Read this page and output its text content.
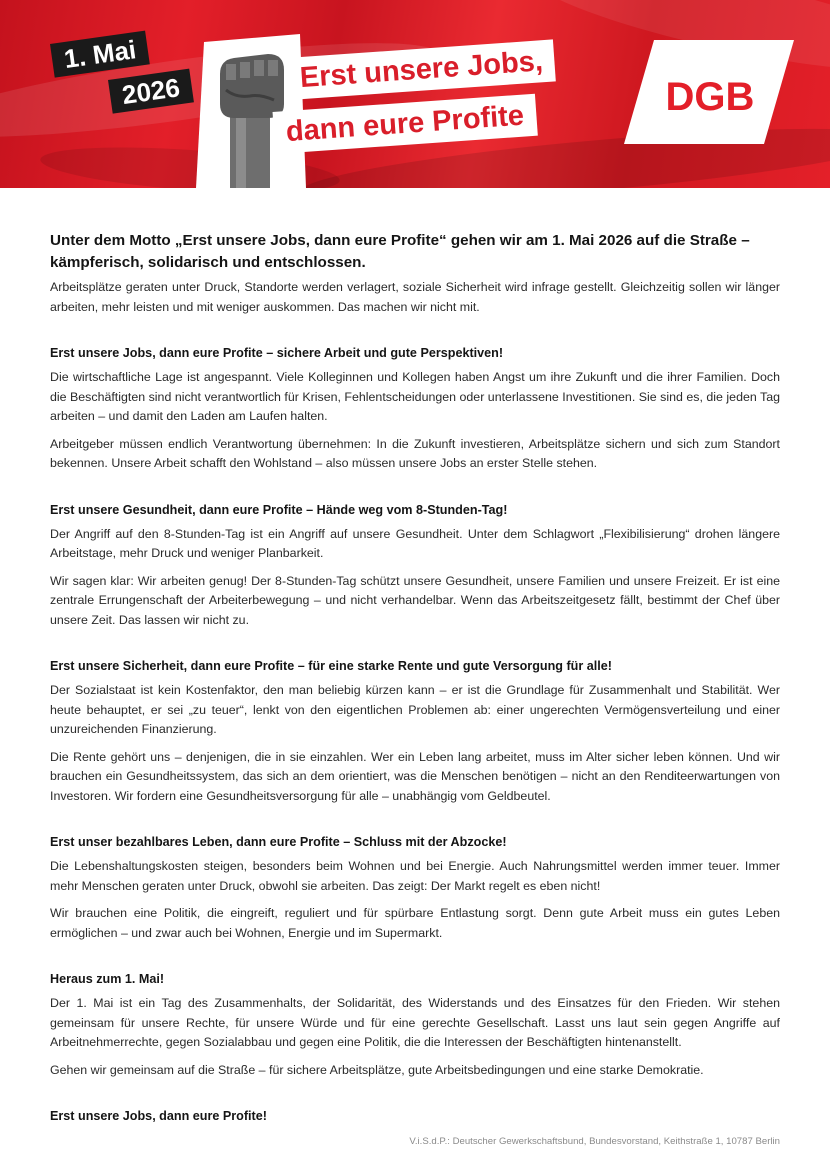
1. Mai
2026	Erst unsere Jobs,
dann eure Profite
DGB
Unter dem Motto „Erst unsere Jobs, dann eure Profite“ gehen wir am 1. Mai 2026 auf die Straße – kämpferisch, solidarisch und entschlossen.

Arbeitsplätze geraten unter Druck, Standorte werden verlagert, soziale Sicherheit wird infrage gestellt. Gleichzeitig sollen wir länger arbeiten, mehr leisten und mit weniger auskommen. Das machen wir nicht mit.

Erst unsere Jobs, dann eure Profite – sichere Arbeit und gute Perspektiven!

Die wirtschaftliche Lage ist angespannt. Viele Kolleginnen und Kollegen haben Angst um ihre Zukunft und die ihrer Familien. Doch die Beschäftigten sind nicht verantwortlich für Krisen, Fehlentscheidungen oder unterlassene Investitionen. Sie sind es, die jeden Tag arbeiten – und damit den Laden am Laufen halten.

Arbeitgeber müssen endlich Verantwortung übernehmen: In die Zukunft investieren, Arbeitsplätze sichern und sich zum Standort bekennen. Unsere Arbeit schafft den Wohlstand – also müssen unsere Jobs an erster Stelle stehen.

Erst unsere Gesundheit, dann eure Profite – Hände weg vom 8-Stunden-Tag!

Der Angriff auf den 8-Stunden-Tag ist ein Angriff auf unsere Gesundheit. Unter dem Schlagwort „Flexibilisierung“ drohen längere Arbeitstage, mehr Druck und weniger Planbarkeit.

Wir sagen klar: Wir arbeiten genug! Der 8-Stunden-Tag schützt unsere Gesundheit, unsere Familien und unsere Freizeit. Er ist eine zentrale Errungenschaft der Arbeiterbewegung – und nicht verhandelbar. Wenn das Arbeitszeitgesetz fällt, bestimmt der Chef über unsere Zeit. Das lassen wir nicht zu.

Erst unsere Sicherheit, dann eure Profite – für eine starke Rente und gute Versorgung für alle!

Der Sozialstaat ist kein Kostenfaktor, den man beliebig kürzen kann – er ist die Grundlage für Zusammenhalt und Stabilität. Wer heute behauptet, er sei „zu teuer“, lenkt von den eigentlichen Problemen ab: einer ungerechten Vermögensverteilung und einer unzureichenden Finanzierung.

Die Rente gehört uns – denjenigen, die in sie einzahlen. Wer ein Leben lang arbeitet, muss im Alter sicher leben können. Und wir brauchen ein Gesundheitssystem, das sich an dem orientiert, was die Menschen benötigen – nicht an den Renditeerwartungen von Investoren. Wir fordern eine Gesundheitsversorgung für alle – unabhängig vom Geldbeutel.

Erst unser bezahlbares Leben, dann eure Profite – Schluss mit der Abzocke!

Die Lebenshaltungskosten steigen, besonders beim Wohnen und bei Energie. Auch Nahrungsmittel werden immer teuer. Immer mehr Menschen geraten unter Druck, obwohl sie arbeiten. Das zeigt: Der Markt regelt es eben nicht!

Wir brauchen eine Politik, die eingreift, reguliert und für spürbare Entlastung sorgt. Denn gute Arbeit muss ein gutes Leben ermöglichen – und zwar auch bei Wohnen, Energie und im Supermarkt.

Heraus zum 1. Mai!

Der 1. Mai ist ein Tag des Zusammenhalts, der Solidarität, des Widerstands und des Einsatzes für den Frieden. Wir stehen gemeinsam für unsere Rechte, für unsere Würde und für eine gerechte Gesellschaft. Lasst uns laut sein gegen Angriffe auf Arbeitnehmerrechte, gegen Sozialabbau und gegen eine Politik, die die Interessen der Beschäftigten hintenanstellt.

Gehen wir gemeinsam auf die Straße – für sichere Arbeitsplätze, gute Arbeitsbedingungen und eine starke Demokratie.

Erst unsere Jobs, dann eure Profite!
V.i.S.d.P.: Deutscher Gewerkschaftsbund, Bundesvorstand, Keithstraße 1, 10787 Berlin
